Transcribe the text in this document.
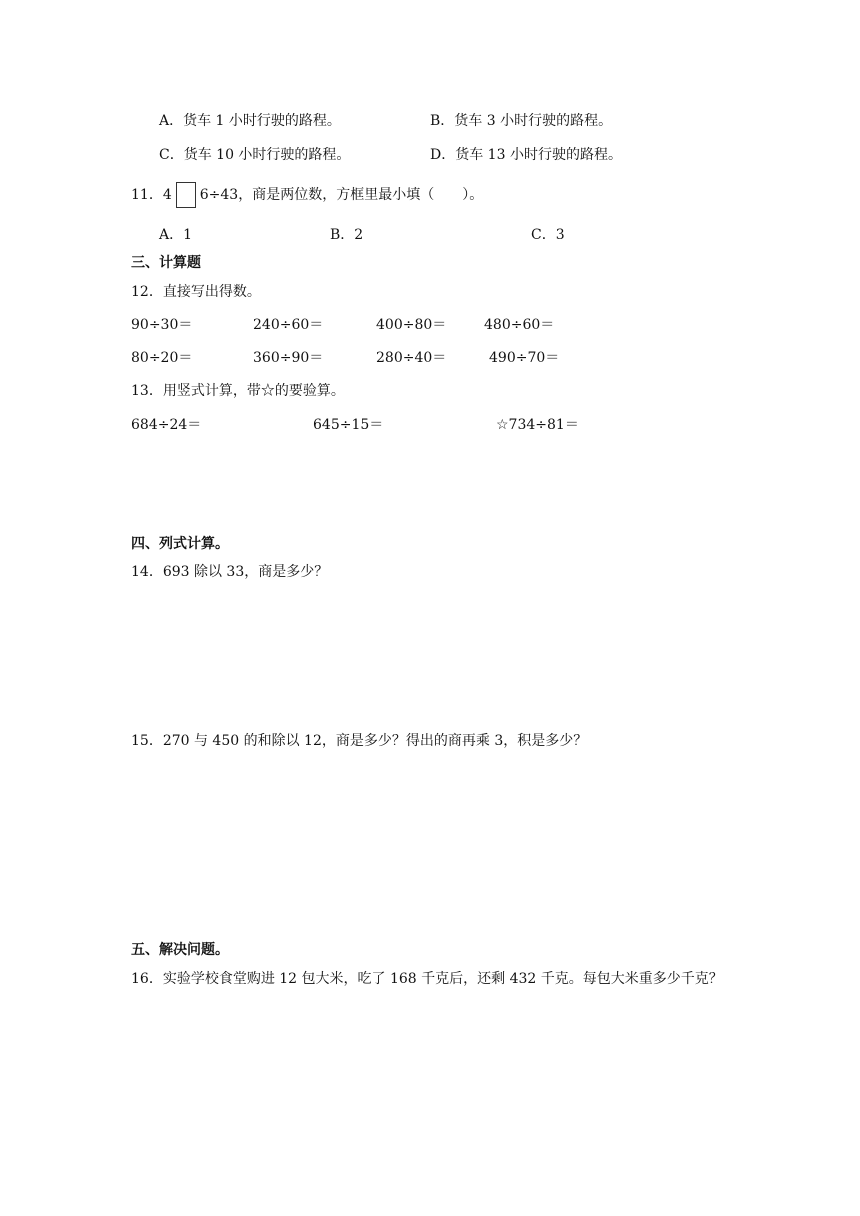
A．货车 1 小时行驶的路程。	B．货车 3 小时行驶的路程。
C．货车 10 小时行驶的路程。	D．货车 13 小时行驶的路程。
11． 4 6÷43，商是两位数，方框里最小填（　　）。
A．1	B．2	C．3
三、计算题
12．直接写出得数。
90÷30＝	240÷60＝	400÷80＝	480÷60＝
80÷20＝	360÷90＝	280÷40＝	490÷70＝
13．用竖式计算，带☆的要验算。
684÷24＝	645÷15＝	☆734÷81＝
四、列式计算。
14．693 除以 33，商是多少？
15．270 与 450 的和除以 12，商是多少？得出的商再乘 3，积是多少？
五、解决问题。
16．实验学校食堂购进 12 包大米，吃了 168 千克后，还剩 432 千克。每包大米重多少千克？
